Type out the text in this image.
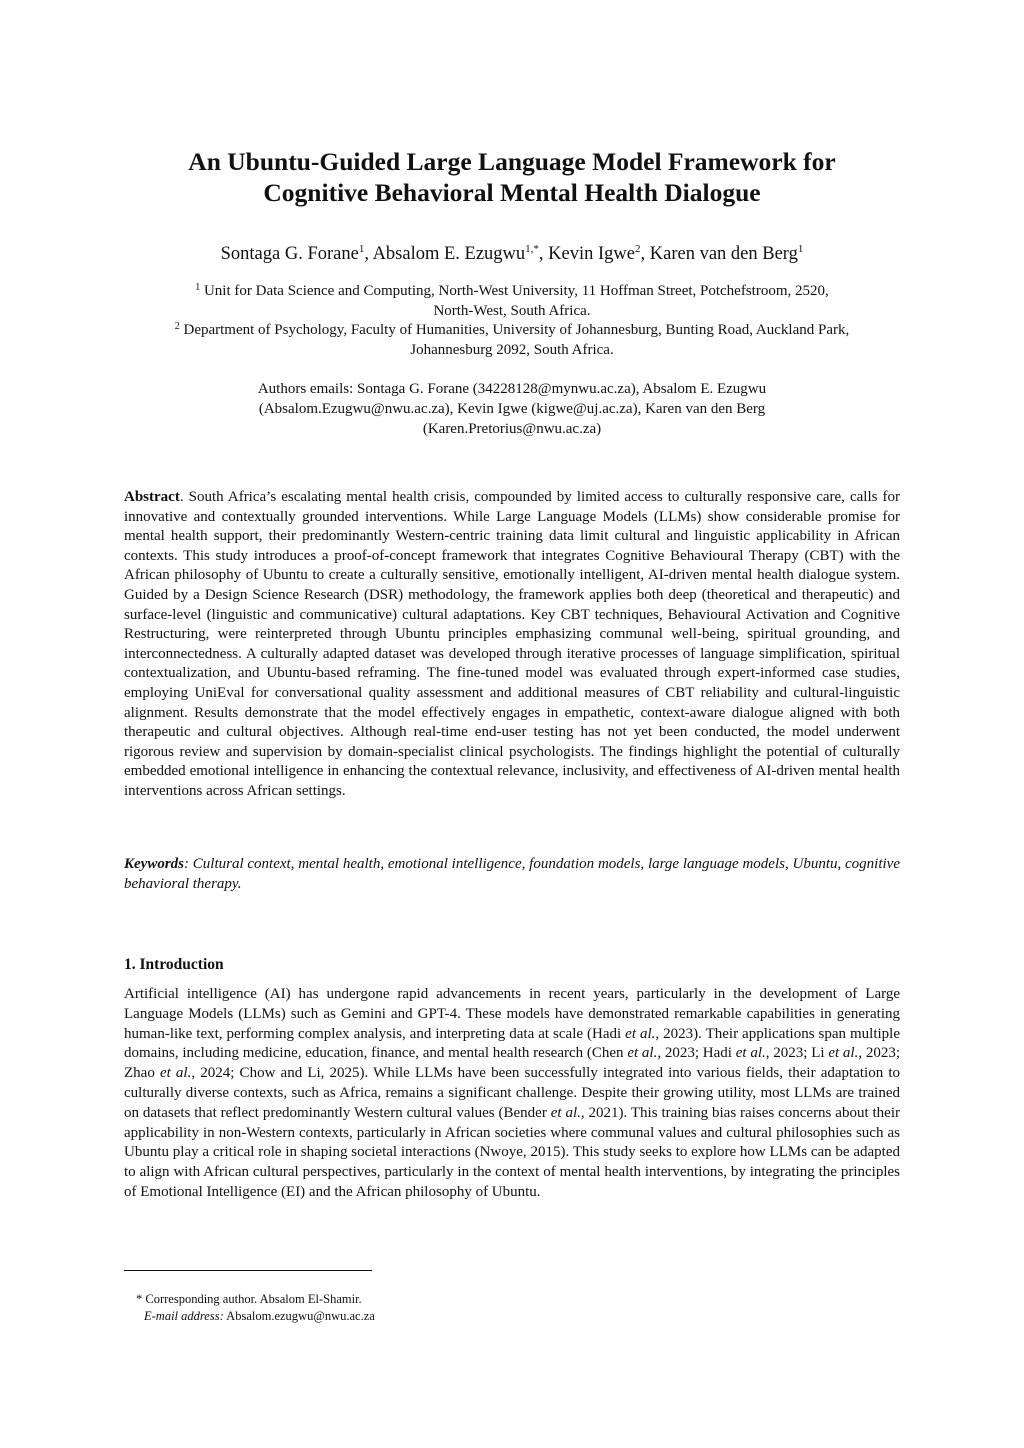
An Ubuntu-Guided Large Language Model Framework for
Cognitive Behavioral Mental Health Dialogue
Sontaga G. Forane$^1$, Absalom E. Ezugwu$^{1,*}$, Kevin Igwe$^2$, Karen van den Berg$^1$
$^1$ Unit for Data Science and Computing, North-West University, 11 Hoffman Street, Potchefstroom, 2520,
North-West, South Africa.
$^2$ Department of Psychology, Faculty of Humanities, University of Johannesburg, Bunting Road, Auckland Park,
Johannesburg 2092, South Africa.
Authors emails: Sontaga G. Forane (34228128@mynwu.ac.za), Absalom E. Ezugwu
(Absalom.Ezugwu@nwu.ac.za), Kevin Igwe (kigwe@uj.ac.za), Karen van den Berg
(Karen.Pretorius@nwu.ac.za)
Abstract. South Africa’s escalating mental health crisis, compounded by limited access to culturally responsive care, calls for innovative and contextually grounded interventions. While Large Language Models (LLMs) show considerable promise for mental health support, their predominantly Western-centric training data limit cultural and linguistic applicability in African contexts. This study introduces a proof-of-concept framework that integrates Cognitive Behavioural Therapy (CBT) with the African philosophy of Ubuntu to create a culturally sensitive, emotionally intelligent, AI-driven mental health dialogue system. Guided by a Design Science Research (DSR) methodology, the framework applies both deep (theoretical and therapeutic) and surface-level (linguistic and communicative) cultural adaptations. Key CBT techniques, Behavioural Activation and Cognitive Restructuring, were reinterpreted through Ubuntu principles emphasizing communal well-being, spiritual grounding, and interconnectedness. A culturally adapted dataset was developed through iterative processes of language simplification, spiritual contextualization, and Ubuntu-based reframing. The fine-tuned model was evaluated through expert-informed case studies, employing UniEval for conversational quality assessment and additional measures of CBT reliability and cultural-linguistic alignment. Results demonstrate that the model effectively engages in empathetic, context-aware dialogue aligned with both therapeutic and cultural objectives. Although real-time end-user testing has not yet been conducted, the model underwent rigorous review and supervision by domain-specialist clinical psychologists. The findings highlight the potential of culturally embedded emotional intelligence in enhancing the contextual relevance, inclusivity, and effectiveness of AI-driven mental health interventions across African settings.
Keywords: Cultural context, mental health, emotional intelligence, foundation models, large language models, Ubuntu, cognitive behavioral therapy.
1. Introduction
Artificial intelligence (AI) has undergone rapid advancements in recent years, particularly in the development of Large Language Models (LLMs) such as Gemini and GPT-4. These models have demonstrated remarkable capabilities in generating human-like text, performing complex analysis, and interpreting data at scale (Hadi et al., 2023). Their applications span multiple domains, including medicine, education, finance, and mental health research (Chen et al., 2023; Hadi et al., 2023; Li et al., 2023; Zhao et al., 2024; Chow and Li, 2025). While LLMs have been successfully integrated into various fields, their adaptation to culturally diverse contexts, such as Africa, remains a significant challenge. Despite their growing utility, most LLMs are trained on datasets that reflect predominantly Western cultural values (Bender et al., 2021). This training bias raises concerns about their applicability in non-Western contexts, particularly in African societies where communal values and cultural philosophies such as Ubuntu play a critical role in shaping societal interactions (Nwoye, 2015). This study seeks to explore how LLMs can be adapted to align with African cultural perspectives, particularly in the context of mental health interventions, by integrating the principles of Emotional Intelligence (EI) and the African philosophy of Ubuntu.
* Corresponding author. Absalom El-Shamir.
E-mail address: Absalom.ezugwu@nwu.ac.za
